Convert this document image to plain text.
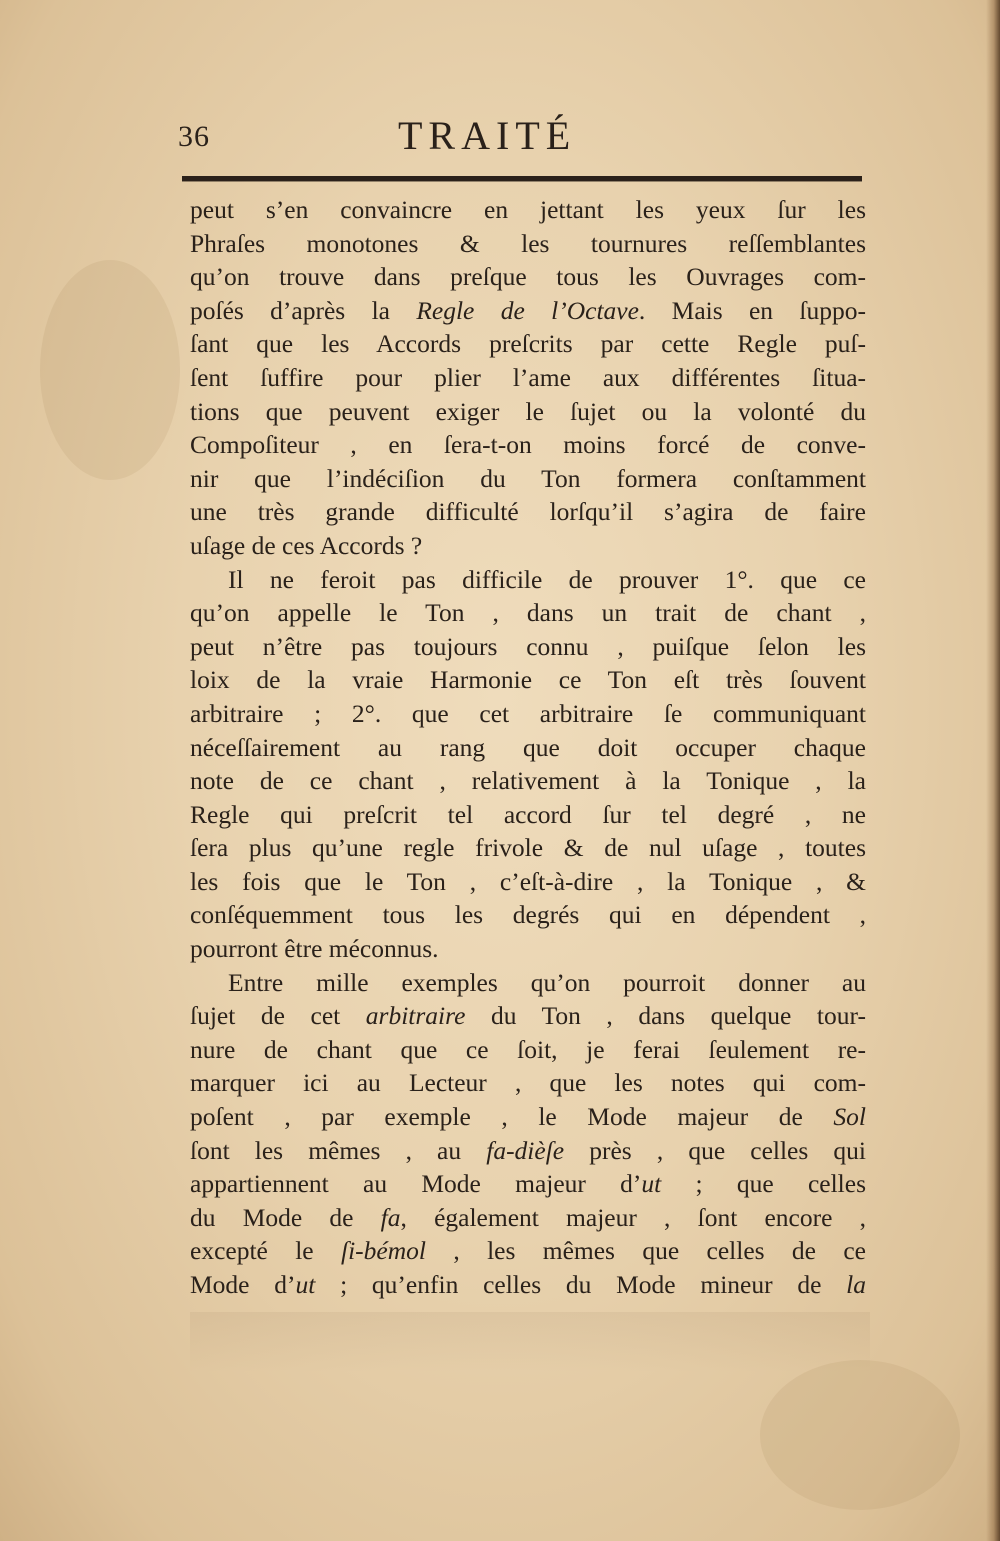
36	TRAITÉ
peut s’en convaincre en jettant les yeux ſur les
Phraſes monotones & les tournures reſſemblantes
qu’on trouve dans preſque tous les Ouvrages com-
poſés d’après la Regle de l’Octave. Mais en ſuppo-
ſant que les Accords preſcrits par cette Regle puſ-
ſent ſuffire pour plier l’ame aux différentes ſitua-
tions que peuvent exiger le ſujet ou la volonté du
Compoſiteur , en ſera-t-on moins forcé de conve-
nir que l’indéciſion du Ton formera conſtamment
une très grande difficulté lorſqu’il s’agira de faire
uſage de ces Accords ?
Il ne feroit pas difficile de prouver 1°. que ce
qu’on appelle le Ton , dans un trait de chant ,
peut n’être pas toujours connu , puiſque ſelon les
loix de la vraie Harmonie ce Ton eſt très ſouvent
arbitraire ; 2°. que cet arbitraire ſe communiquant
néceſſairement au rang que doit occuper chaque
note de ce chant , relativement à la Tonique , la
Regle qui preſcrit tel accord ſur tel degré , ne
ſera plus qu’une regle frivole & de nul uſage , toutes
les fois que le Ton , c’eſt-à-dire , la Tonique , &
conſéquemment tous les degrés qui en dépendent ,
pourront être méconnus.
Entre mille exemples qu’on pourroit donner au
ſujet de cet arbitraire du Ton , dans quelque tour-
nure de chant que ce ſoit, je ferai ſeulement re-
marquer ici au Lecteur , que les notes qui com-
poſent , par exemple , le Mode majeur de Sol
ſont les mêmes , au fa-dièſe près , que celles qui
appartiennent au Mode majeur d’ut ; que celles
du Mode de fa, également majeur , ſont encore ,
excepté le ſi-bémol , les mêmes que celles de ce
Mode d’ut ; qu’enfin celles du Mode mineur de la
